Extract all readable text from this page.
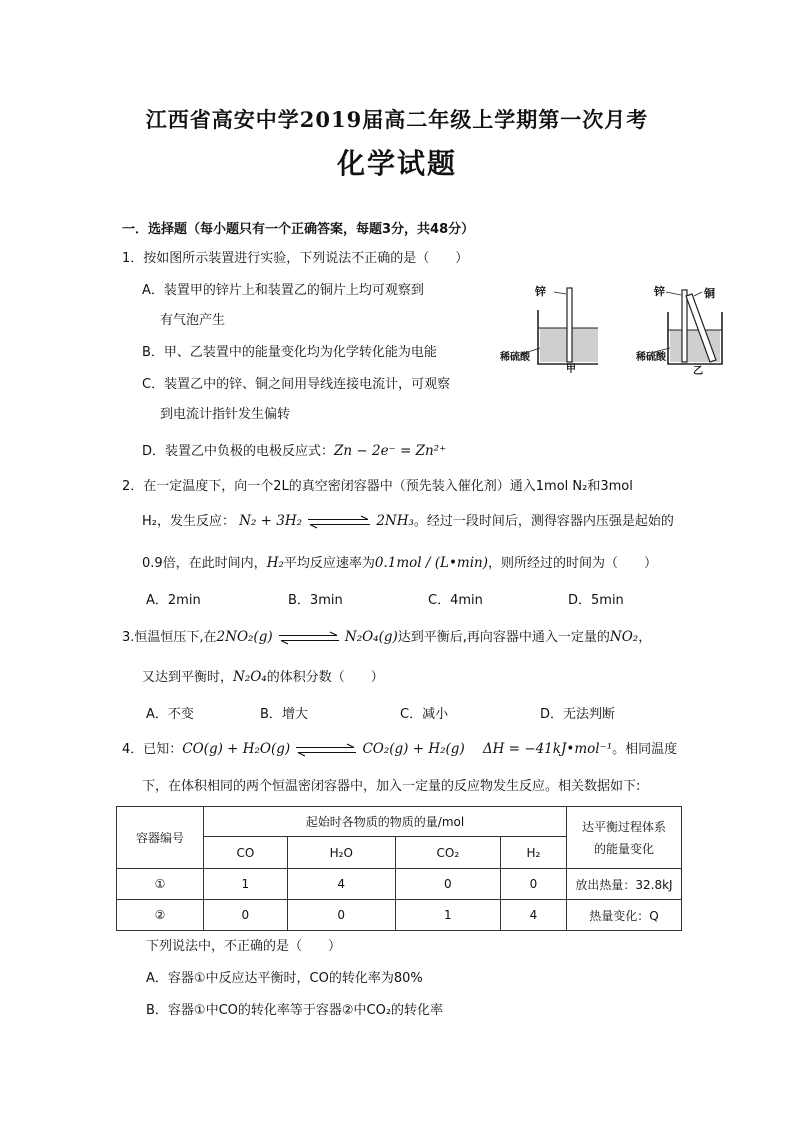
江西省高安中学2019届高二年级上学期第一次月考
化学试题
一．选择题（每小题只有一个正确答案，每题3分，共48分）
1．按如图所示装置进行实验，下列说法不正确的是（　　）
A．装置甲的锌片上和装置乙的铜片上均可观察到
有气泡产生
B．甲、乙装置中的能量变化均为化学转化能为电能
C．装置乙中的锌、铜之间用导线连接电流计，可观察
到电流计指针发生偏转
D．装置乙中负极的电极反应式：Zn − 2e⁻ = Zn²⁺
锌
稀硫酸
甲
锌	铜
稀硫酸
乙
2．在一定温度下，向一个2L的真空密闭容器中（预先装入催化剂）通入1mol N₂和3mol
H₂，发生反应： N₂ + 3H₂	2NH₃。经过一段时间后，测得容器内压强是起始的
0.9倍，在此时间内，H₂平均反应速率为0.1mol / (L•min)，则所经过的时间为（　　）
A．2min	B．3min	C．4min	D．5min
3.恒温恒压下,在2NO₂(g)	N₂O₄(g)达到平衡后,再向容器中通入一定量的NO₂，
又达到平衡时，N₂O₄的体积分数（　　）
A．不变	B．增大	C．减小	D．无法判断
4．已知：CO(g) + H₂O(g)	CO₂(g) + H₂(g) ΔH = −41kJ•mol⁻¹。相同温度
下，在体积相同的两个恒温密闭容器中，加入一定量的反应物发生反应。相关数据如下:
容器编号	起始时各物质的物质的量/mol				达平衡过程体系
的能量变化

	CO	H₂O	CO₂	H₂	
①	1	4	0	0	放出热量：32.8kJ
②	0	0	1	4	热量变化：Q
下列说法中，不正确的是（　　）
A．容器①中反应达平衡时，CO的转化率为80%
B．容器①中CO的转化率等于容器②中CO₂的转化率
